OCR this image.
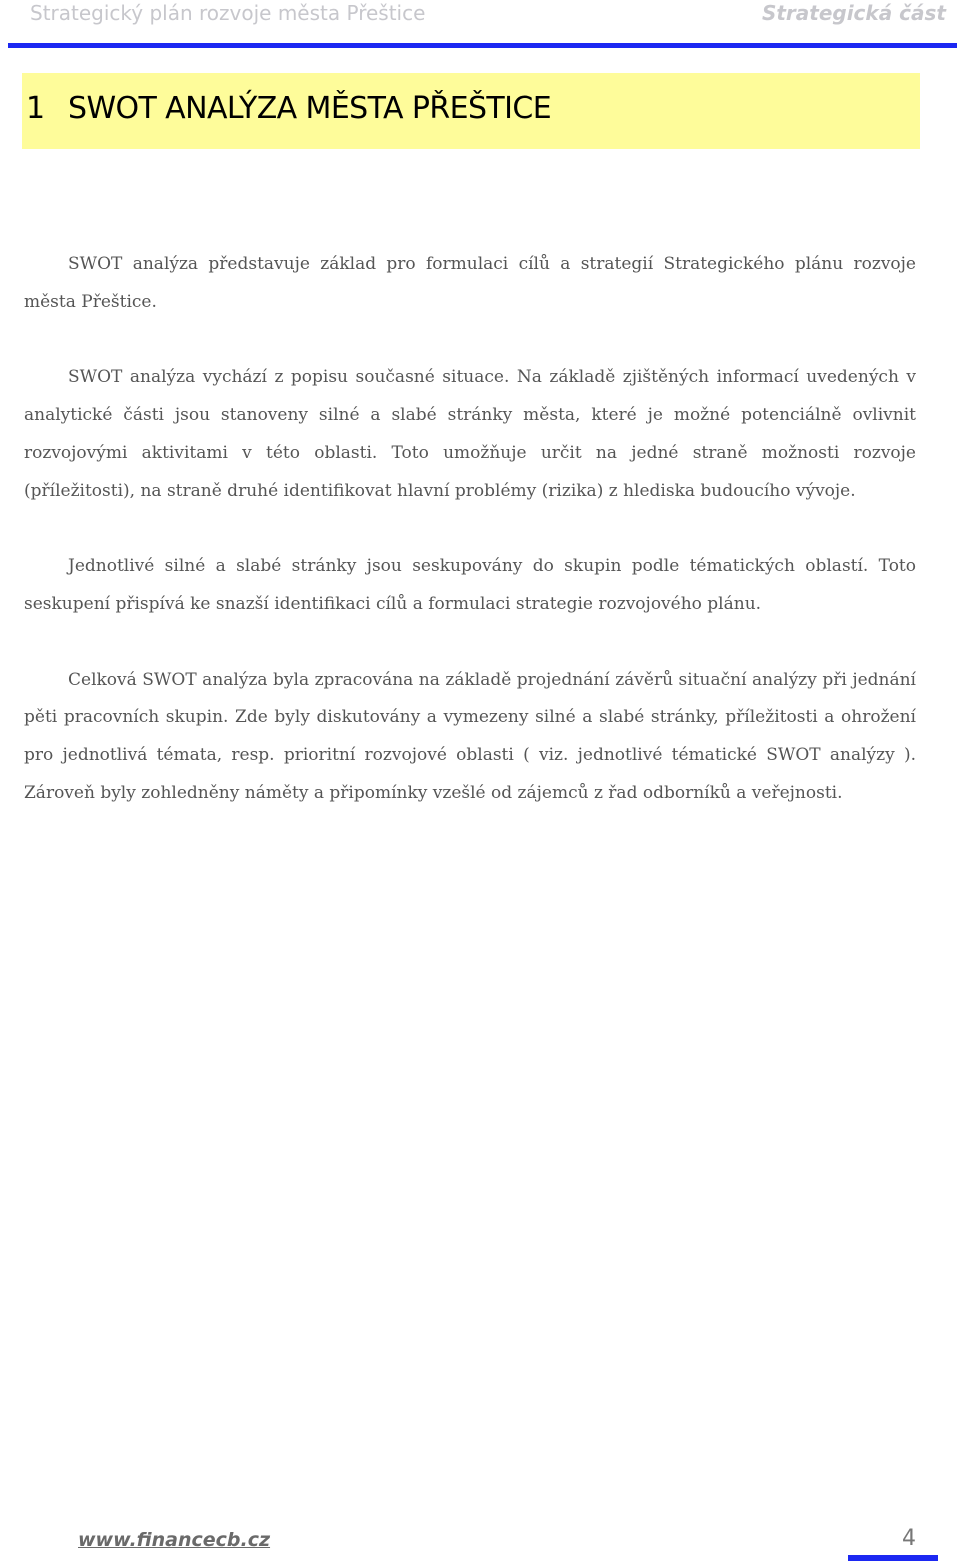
Strategický plán rozvoje města Přeštice	Strategická část
1 SWOT ANALÝZA MĚSTA PŘEŠTICE

SWOT analýza představuje základ pro formulaci cílů a strategií Strategického plánu rozvoje města Přeštice.

SWOT analýza vychází z popisu současné situace. Na základě zjištěných informací uvedených v analytické části jsou stanoveny silné a slabé stránky města, které je možné potenciálně ovlivnit rozvojovými aktivitami v této oblasti. Toto umožňuje určit na jedné straně možnosti rozvoje (příležitosti), na straně druhé identifikovat hlavní problémy (rizika) z hlediska budoucího vývoje.

Jednotlivé silné a slabé stránky jsou seskupovány do skupin podle tématických oblastí. Toto seskupení přispívá ke snazší identifikaci cílů a formulaci strategie rozvojového plánu.

Celková SWOT analýza byla zpracována na základě projednání závěrů situační analýzy při jednání pěti pracovních skupin. Zde byly diskutovány a vymezeny silné a slabé stránky, příležitosti a ohrožení pro jednotlivá témata, resp. prioritní rozvojové oblasti ( viz. jednotlivé tématické SWOT analýzy ). Zároveň byly zohledněny náměty a připomínky vzešlé od zájemců z řad odborníků a veřejnosti.

www.financecb.cz	4
